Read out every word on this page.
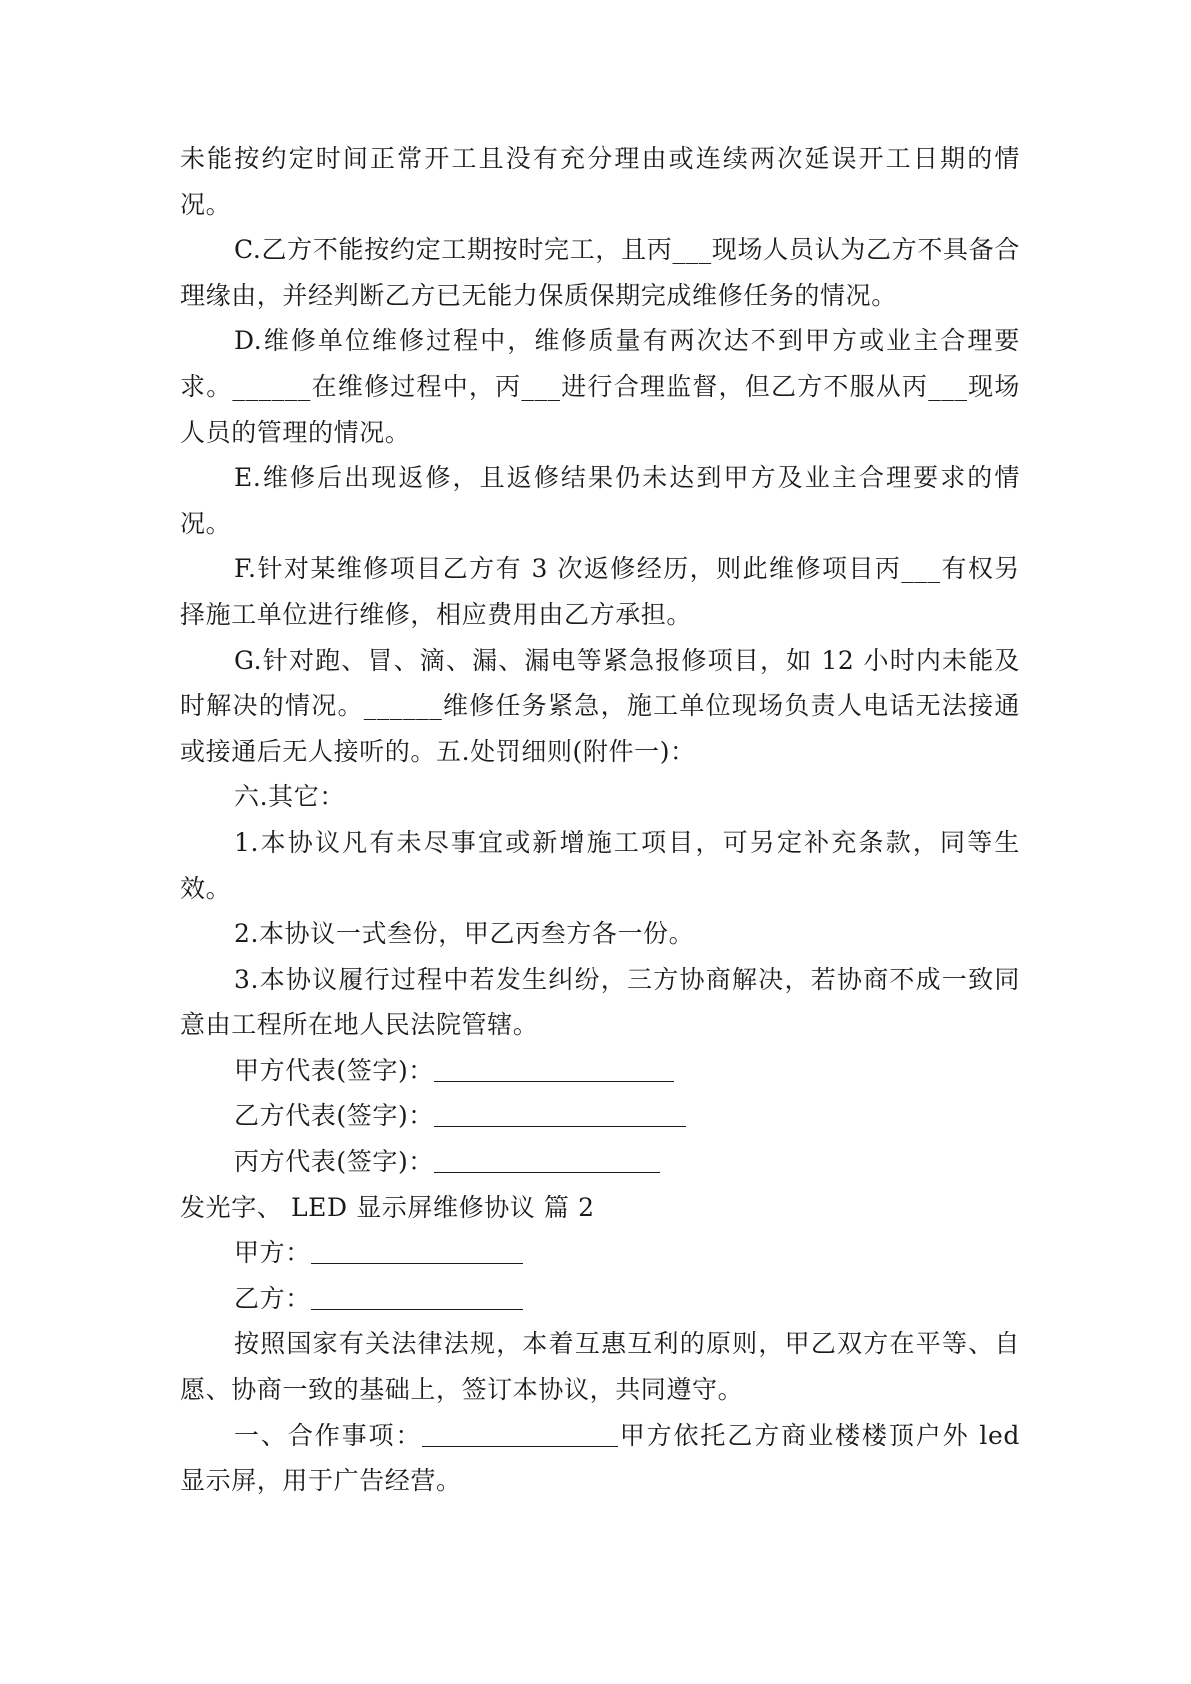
未能按约定时间正常开工且没有充分理由或连续两次延误开工日期的情况。

C.乙方不能按约定工期按时完工，且丙___现场人员认为乙方不具备合理缘由，并经判断乙方已无能力保质保期完成维修任务的情况。

D.维修单位维修过程中，维修质量有两次达不到甲方或业主合理要求。______在维修过程中，丙___进行合理监督，但乙方不服从丙___现场人员的管理的情况。

E.维修后出现返修，且返修结果仍未达到甲方及业主合理要求的情况。

F.针对某维修项目乙方有 3 次返修经历，则此维修项目丙___有权另择施工单位进行维修，相应费用由乙方承担。

G.针对跑、冒、滴、漏、漏电等紧急报修项目，如 12 小时内未能及时解决的情况。______维修任务紧急，施工单位现场负责人电话无法接通或接通后无人接听的。五.处罚细则(附件一)：

六.其它：

1.本协议凡有未尽事宜或新增施工项目，可另定补充条款，同等生效。

2.本协议一式叁份，甲乙丙叁方各一份。

3.本协议履行过程中若发生纠纷，三方协商解决，若协商不成一致同意由工程所在地人民法院管辖。

甲方代表(签字)：

乙方代表(签字)：

丙方代表(签字)：

发光字、 LED 显示屏维修协议 篇 2

甲方：

乙方：

按照国家有关法律法规，本着互惠互利的原则，甲乙双方在平等、自愿、协商一致的基础上，签订本协议，共同遵守。

一、合作事项：	甲方依托乙方商业楼楼顶户外 led 显示屏，用于广告经营。
